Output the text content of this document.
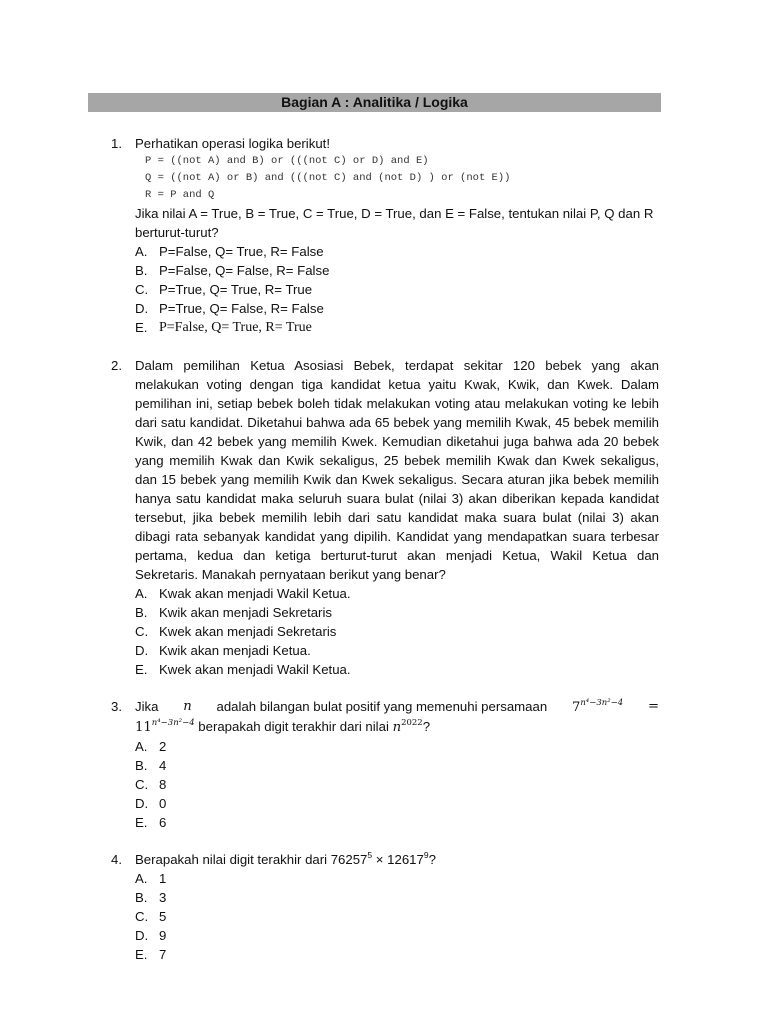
Bagian A : Analitika / Logika
1. Perhatikan operasi logika berikut!
P = ((not A) and B) or (((not C) or D) and E)
Q = ((not A) or B) and (((not C) and (not D) ) or (not E))
R = P and Q
Jika nilai A = True, B = True, C = True, D = True, dan E = False, tentukan nilai P, Q dan R berturut-turut?
A. P=False, Q= True, R= False
B. P=False, Q= False, R= False
C. P=True, Q= True, R= True
D. P=True, Q= False, R= False
E. P=False, Q= True, R= True
2. Dalam pemilihan Ketua Asosiasi Bebek, terdapat sekitar 120 bebek yang akan melakukan voting dengan tiga kandidat ketua yaitu Kwak, Kwik, dan Kwek. Dalam pemilihan ini, setiap bebek boleh tidak melakukan voting atau melakukan voting ke lebih dari satu kandidat. Diketahui bahwa ada 65 bebek yang memilih Kwak, 45 bebek memilih Kwik, dan 42 bebek yang memilih Kwek. Kemudian diketahui juga bahwa ada 20 bebek yang memilih Kwak dan Kwik sekaligus, 25 bebek memilih Kwak dan Kwek sekaligus, dan 15 bebek yang memilih Kwik dan Kwek sekaligus. Secara aturan jika bebek memilih hanya satu kandidat maka seluruh suara bulat (nilai 3) akan diberikan kepada kandidat tersebut, jika bebek memilih lebih dari satu kandidat maka suara bulat (nilai 3) akan dibagi rata sebanyak kandidat yang dipilih. Kandidat yang mendapatkan suara terbesar pertama, kedua dan ketiga berturut-turut akan menjadi Ketua, Wakil Ketua dan Sekretaris. Manakah pernyataan berikut yang benar?
A. Kwak akan menjadi Wakil Ketua.
B. Kwik akan menjadi Sekretaris
C. Kwek akan menjadi Sekretaris
D. Kwik akan menjadi Ketua.
E. Kwek akan menjadi Wakil Ketua.
3. Jika n adalah bilangan bulat positif yang memenuhi persamaan $7^{n^4-3n^2-4}$ =
$11^{n^4-3n^2-4}$ berapakah digit terakhir dari nilai $n^{2022}$?
A. 2
B. 4
C. 8
D. 0
E. 6
4. Berapakah nilai digit terakhir dari $76257^5 \times 12617^9$?
A. 1
B. 3
C. 5
D. 9
E. 7
